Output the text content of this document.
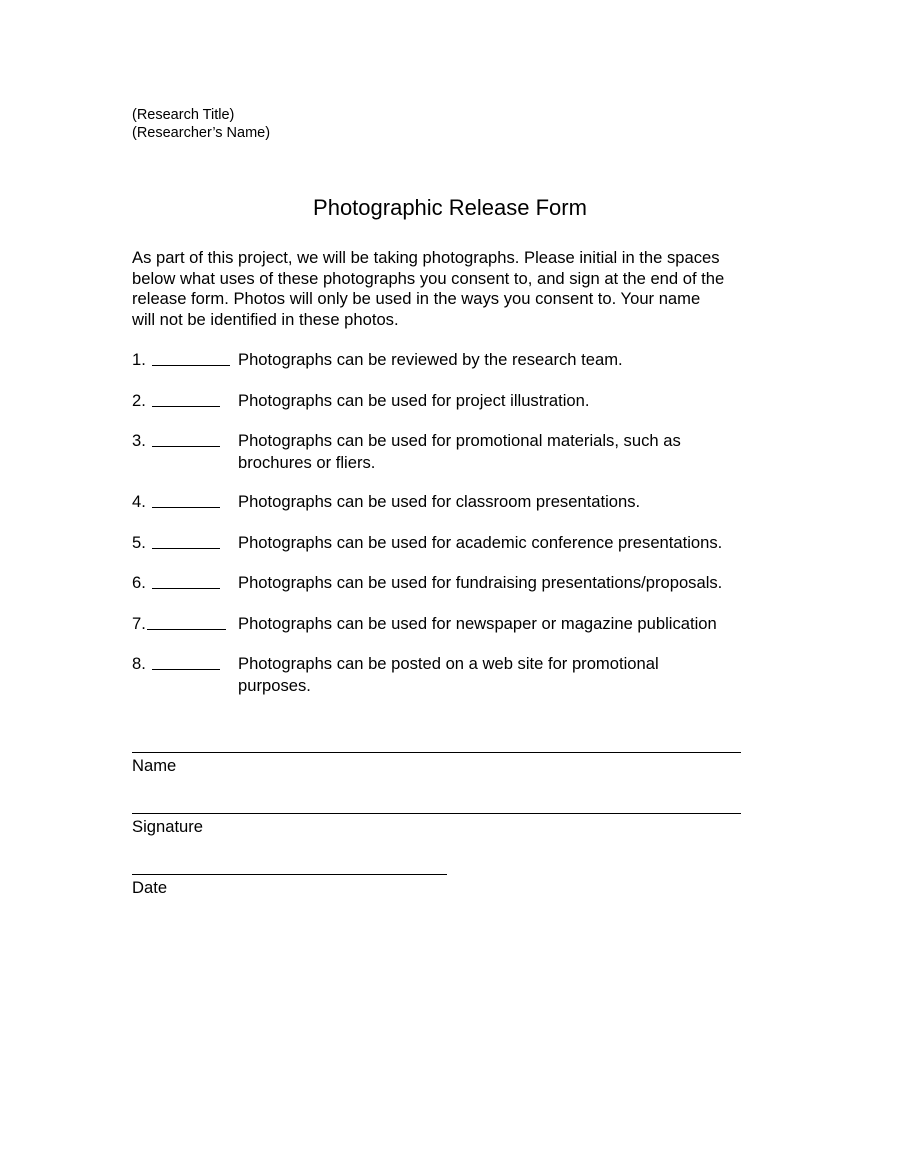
(Research Title)
(Researcher’s Name)
Photographic Release Form
As part of this project, we will be taking photographs. Please initial in the spaces
below what uses of these photographs you consent to, and sign at the end of the
release form. Photos will only be used in the ways you consent to. Your name
will not be identified in these photos.
1.	Photographs can be reviewed by the research team.
2.	Photographs can be used for project illustration.
3.	Photographs can be used for promotional materials, such as
brochures or fliers.
4.	Photographs can be used for classroom presentations.
5.	Photographs can be used for academic conference presentations.
6.	Photographs can be used for fundraising presentations/proposals.
7.	Photographs can be used for newspaper or magazine publication
8.	Photographs can be posted on a web site for promotional
purposes.
Name
Signature
Date
